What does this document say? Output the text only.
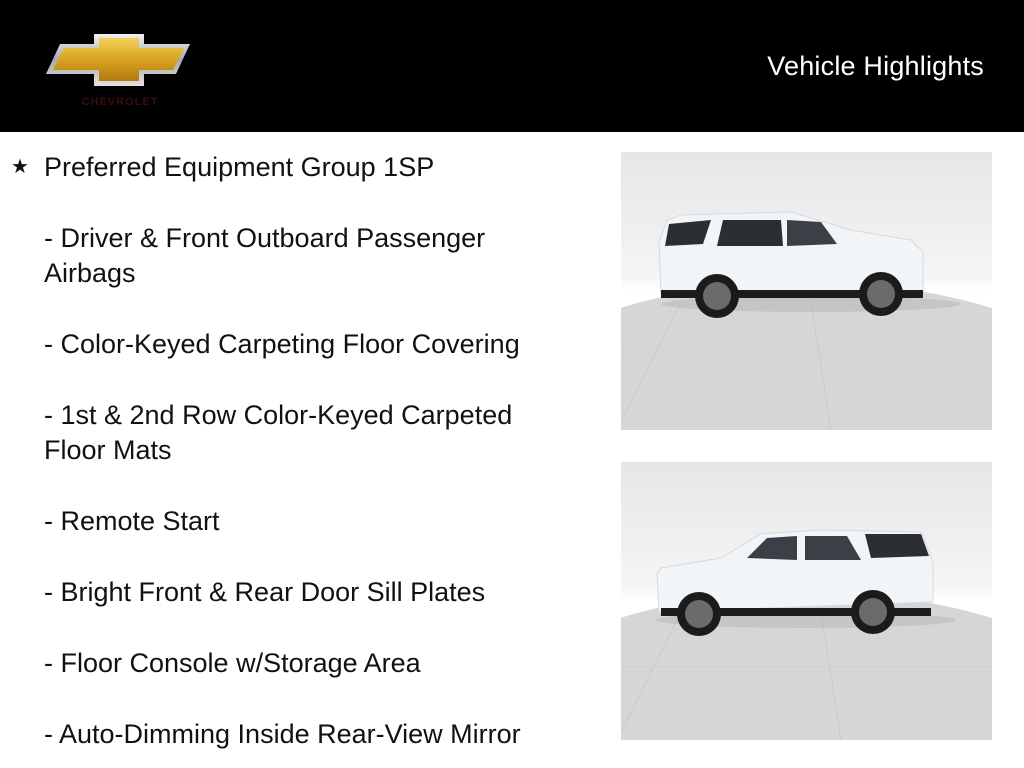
CHEVROLET
Vehicle Highlights
★ Preferred Equipment Group 1SP

- Driver & Front Outboard Passenger

Airbags

- Color-Keyed Carpeting Floor Covering

- 1st & 2nd Row Color-Keyed Carpeted

Floor Mats

- Remote Start

- Bright Front & Rear Door Sill Plates

- Floor Console w/Storage Area

- Auto-Dimming Inside Rear-View Mirror
